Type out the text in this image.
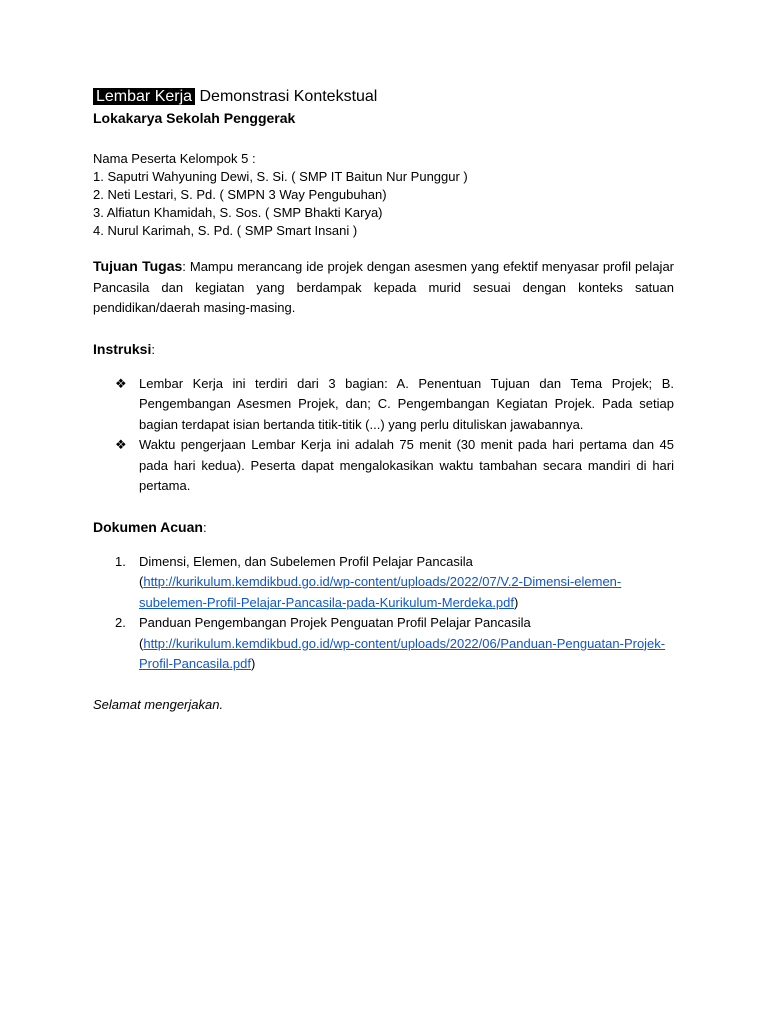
Lembar Kerja Demonstrasi Kontekstual

Lokakarya Sekolah Penggerak

Nama Peserta Kelompok 5 :
1. Saputri Wahyuning Dewi, S. Si. ( SMP IT Baitun Nur Punggur )
2. Neti Lestari, S. Pd. ( SMPN 3 Way Pengubuhan)
3. Alfiatun Khamidah, S. Sos. ( SMP Bhakti Karya)
4. Nurul Karimah, S. Pd. ( SMP Smart Insani )

Tujuan Tugas: Mampu merancang ide projek dengan asesmen yang efektif menyasar profil pelajar Pancasila dan kegiatan yang berdampak kepada murid sesuai dengan konteks satuan pendidikan/daerah masing-masing.

Instruksi:

❖ Lembar Kerja ini terdiri dari 3 bagian: A. Penentuan Tujuan dan Tema Projek; B. Pengembangan Asesmen Projek, dan; C. Pengembangan Kegiatan Projek. Pada setiap bagian terdapat isian bertanda titik-titik (...) yang perlu dituliskan jawabannya.
❖ Waktu pengerjaan Lembar Kerja ini adalah 75 menit (30 menit pada hari pertama dan 45 pada hari kedua). Peserta dapat mengalokasikan waktu tambahan secara mandiri di hari pertama.

Dokumen Acuan:

1. Dimensi, Elemen, dan Subelemen Profil Pelajar Pancasila
(http://kurikulum.kemdikbud.go.id/wp-content/uploads/2022/07/V.2-Dimensi-elemen-subelemen-Profil-Pelajar-Pancasila-pada-Kurikulum-Merdeka.pdf)
2. Panduan Pengembangan Projek Penguatan Profil Pelajar Pancasila
(http://kurikulum.kemdikbud.go.id/wp-content/uploads/2022/06/Panduan-Penguatan-Projek-Profil-Pancasila.pdf)

Selamat mengerjakan.
